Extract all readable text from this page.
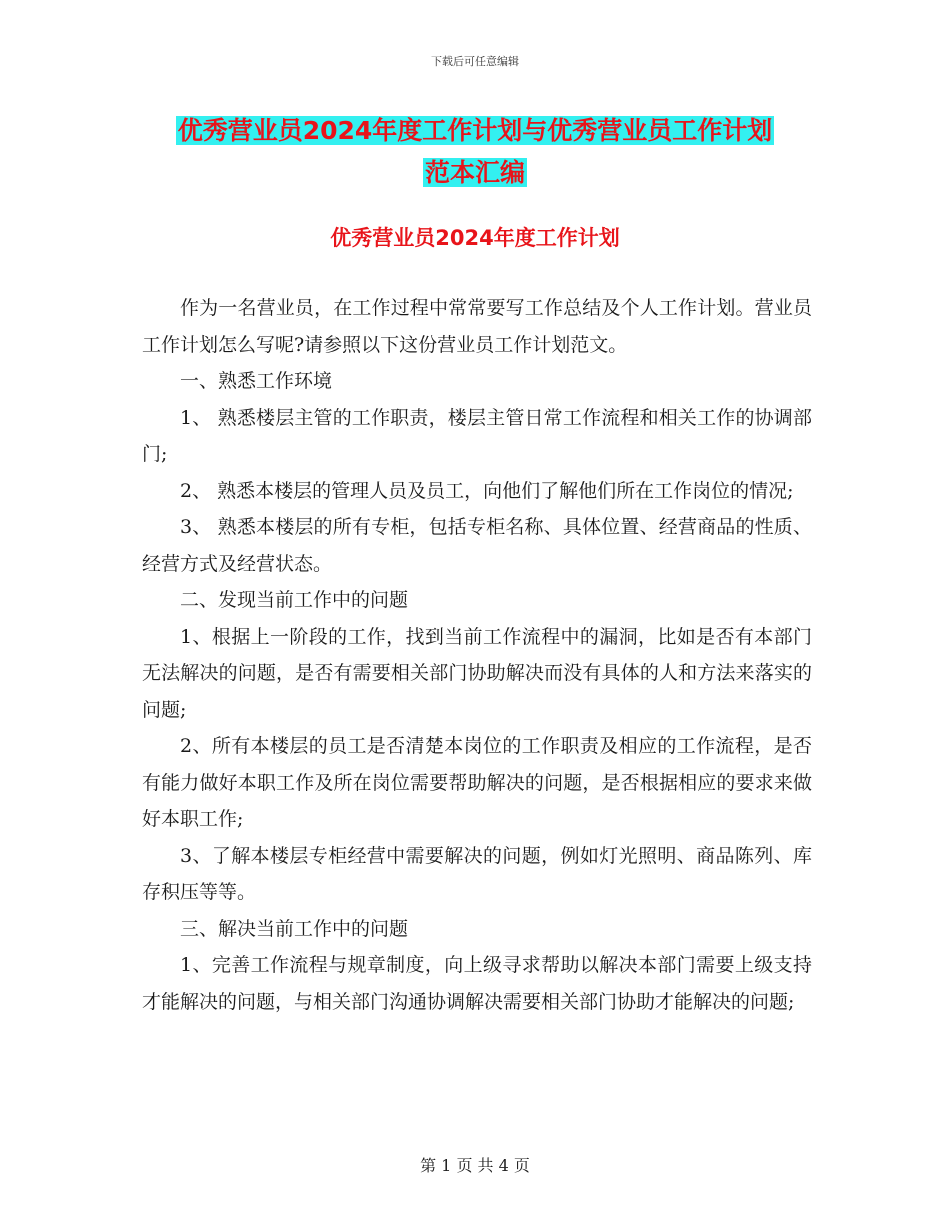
下载后可任意编辑
优秀营业员2024年度工作计划与优秀营业员工作计划
范本汇编
优秀营业员2024年度工作计划

作为一名营业员，在工作过程中常常要写工作总结及个人工作计划。营业员工作计划怎么写呢?请参照以下这份营业员工作计划范文。

一、熟悉工作环境

1、 熟悉楼层主管的工作职责，楼层主管日常工作流程和相关工作的协调部门;

2、 熟悉本楼层的管理人员及员工，向他们了解他们所在工作岗位的情况;

3、 熟悉本楼层的所有专柜，包括专柜名称、具体位置、经营商品的性质、经营方式及经营状态。

二、发现当前工作中的问题

1、根据上一阶段的工作，找到当前工作流程中的漏洞，比如是否有本部门无法解决的问题，是否有需要相关部门协助解决而没有具体的人和方法来落实的问题;

2、所有本楼层的员工是否清楚本岗位的工作职责及相应的工作流程，是否有能力做好本职工作及所在岗位需要帮助解决的问题，是否根据相应的要求来做好本职工作;

3、了解本楼层专柜经营中需要解决的问题，例如灯光照明、商品陈列、库存积压等等。

三、解决当前工作中的问题

1、完善工作流程与规章制度，向上级寻求帮助以解决本部门需要上级支持才能解决的问题，与相关部门沟通协调解决需要相关部门协助才能解决的问题;

第 1 页 共 4 页
